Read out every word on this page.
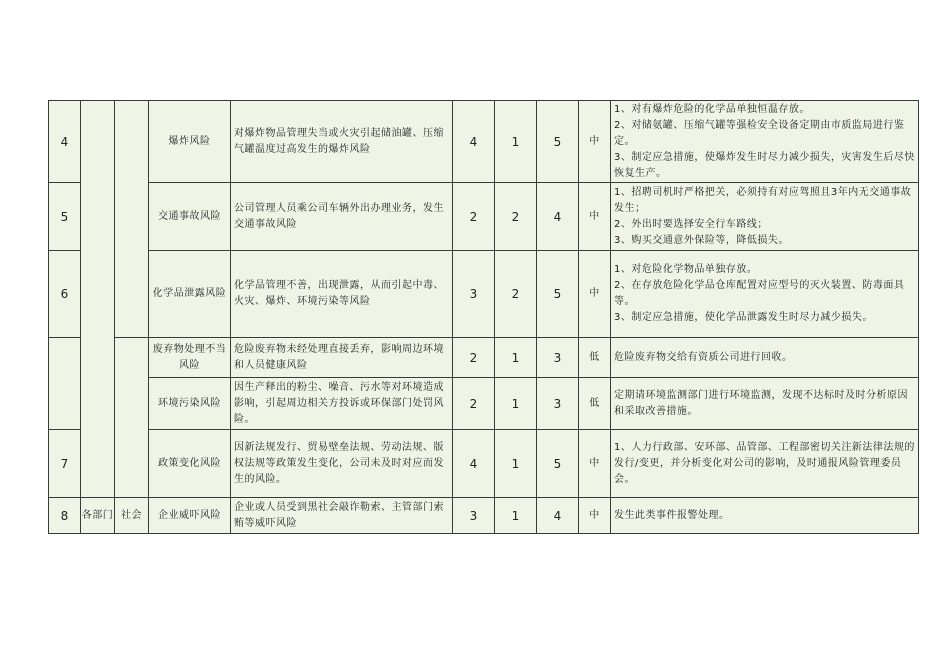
4			爆炸风险	对爆炸物品管理失当或火灾引起储油罐、压缩气罐温度过高发生的爆炸风险	4	1	5	中	1、对有爆炸危险的化学品单独恒温存放。
2、对储氨罐、压缩气罐等强检安全设备定期由市质监局进行鉴定。
3、制定应急措施，使爆炸发生时尽力减少损失，灾害发生后尽快恢复生产。
5			交通事故风险	公司管理人员乘公司车辆外出办理业务，发生交通事故风险	2	2	4	中	1、招聘司机时严格把关，必须持有对应驾照且3年内无交通事故发生；
2、外出时要选择安全行车路线；
3、购买交通意外保险等，降低损失。
6			化学品泄露风险	化学品管理不善，出现泄露，从而引起中毒、火灾、爆炸、环境污染等风险	3	2	5	中	1、对危险化学物品单独存放。
2、在存放危险化学品仓库配置对应型号的灭火装置、防毒面具等。
3、制定应急措施，使化学品泄露发生时尽力减少损失。
			废弃物处理不当风险	危险废弃物未经处理直接丢弃，影响周边环境和人员健康风险	2	1	3	低	危险废弃物交给有资质公司进行回收。
			环境污染风险	因生产释出的粉尘、噪音、污水等对环境造成影响，引起周边相关方投诉或环保部门处罚风险。	2	1	3	低	定期请环境监测部门进行环境监测，发现不达标时及时分析原因和采取改善措施。
7			政策变化风险	因新法规发行、贸易壁垒法规、劳动法规、版权法规等政策发生变化，公司未及时对应而发生的风险。	4	1	5	中	1、人力行政部、安环部、品管部、工程部密切关注新法律法规的发行/变更，并分析变化对公司的影响，及时通报风险管理委员会。
8	各部门	社会	企业威吓风险	企业或人员受到黑社会敲诈勒索、主管部门索贿等威吓风险	3	1	4	中	发生此类事件报警处理。
